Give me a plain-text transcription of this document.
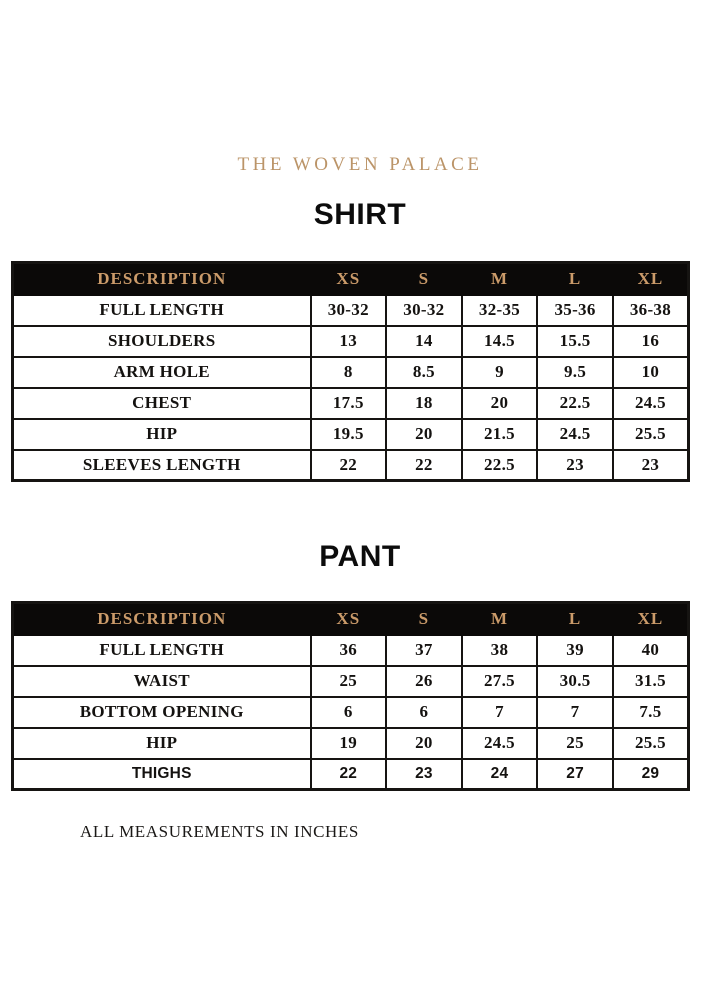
THE WOVEN PALACE
SHIRT
DESCRIPTION	XS	S	M	L	XL
FULL LENGTH	30-32	30-32	32-35	35-36	36-38
SHOULDERS	13	14	14.5	15.5	16
ARM HOLE	8	8.5	9	9.5	10
CHEST	17.5	18	20	22.5	24.5
HIP	19.5	20	21.5	24.5	25.5
SLEEVES LENGTH	22	22	22.5	23	23
PANT
DESCRIPTION	XS	S	M	L	XL
FULL LENGTH	36	37	38	39	40
WAIST	25	26	27.5	30.5	31.5
BOTTOM OPENING	6	6	7	7	7.5
HIP	19	20	24.5	25	25.5
THIGHS	22	23	24	27	29
ALL MEASUREMENTS IN INCHES
